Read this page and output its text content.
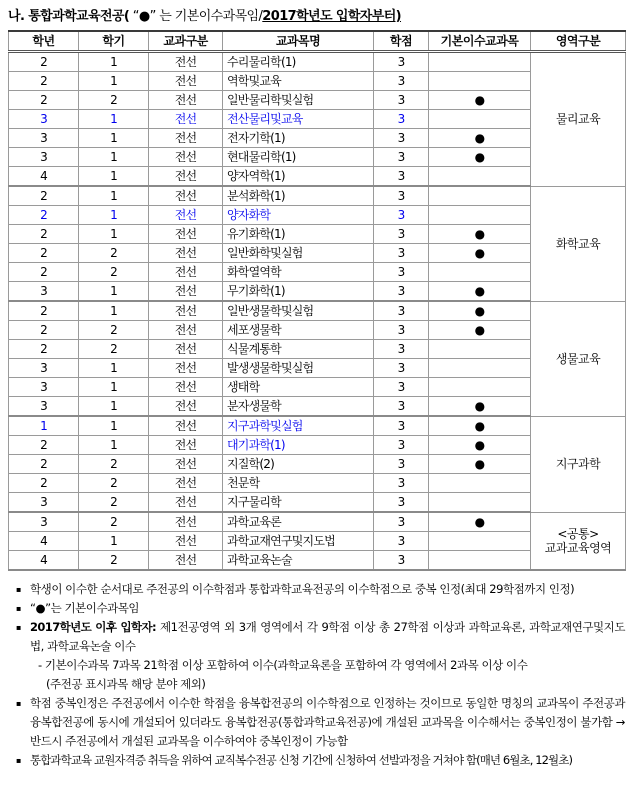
나. 통합과학교육전공( “●” 는 기본이수과목임/2017학년도 입학자부터)
학년	학기	교과구분	교과목명	학점	기본이수교과목	영역구분
2	1	전선	수리물리학(1)	3		물리교육

2	1	전선	역학및교육	3		
2	2	전선	일반물리학및실험	3	●	
3	1	전선	전산물리및교육	3		
3	1	전선	전자기학(1)	3	●	
3	1	전선	현대물리학(1)	3	●	
4	1	전선	양자역학(1)	3		
2	1	전선	분석화학(1)	3		화학교육

2	1	전선	양자화학	3		
2	1	전선	유기화학(1)	3	●	
2	2	전선	일반화학및실험	3	●	
2	2	전선	화학열역학	3		
3	1	전선	무기화학(1)	3	●	
2	1	전선	일반생물학및실험	3	●	생물교육

2	2	전선	세포생물학	3	●	
2	2	전선	식물계통학	3		
3	1	전선	발생생물학및실험	3		
3	1	전선	생태학	3		
3	1	전선	분자생물학	3	●	
1	1	전선	지구과학및실험	3	●	지구과학

2	1	전선	대기과학(1)	3	●	
2	2	전선	지질학(2)	3	●	
2	2	전선	천문학	3		
3	2	전선	지구물리학	3		
3	2	전선	과학교육론	3	●	<공통>
교과교육영역

4	1	전선	과학교재연구및지도법	3		
4	2	전선	과학교육논술	3		
▪ 학생이 이수한 순서대로 주전공의 이수학점과 통합과학교육전공의 이수학점으로 중복 인정(최대 29학점까지 인정)
▪ “●”는 기본이수과목임
▪ 2017학년도 이후 입학자: 제1전공영역 외 3개 영역에서 각 9학점 이상 총 27학점 이상과 과학교육론, 과학교재연구및지도법, 과학교육논술 이수
- 기본이수과목 7과목 21학점 이상 포함하여 이수(과학교육론을 포함하여 각 영역에서 2과목 이상 이수
(주전공 표시과목 해당 분야 제외)
▪ 학점 중복인정은 주전공에서 이수한 학점을 융복합전공의 이수학점으로 인정하는 것이므로 동일한 명칭의 교과목이 주전공과 융복합전공에 동시에 개설되어 있더라도 융복합전공(통합과학교육전공)에 개설된 교과목을 이수해서는 중복인정이 불가함 → 반드시 주전공에서 개설된 교과목을 이수하여야 중복인정이 가능함
▪ 통합과학교육 교원자격증 취득을 위하여 교직복수전공 신청 기간에 신청하여 선발과정을 거쳐야 함(매년 6월초, 12월초)
